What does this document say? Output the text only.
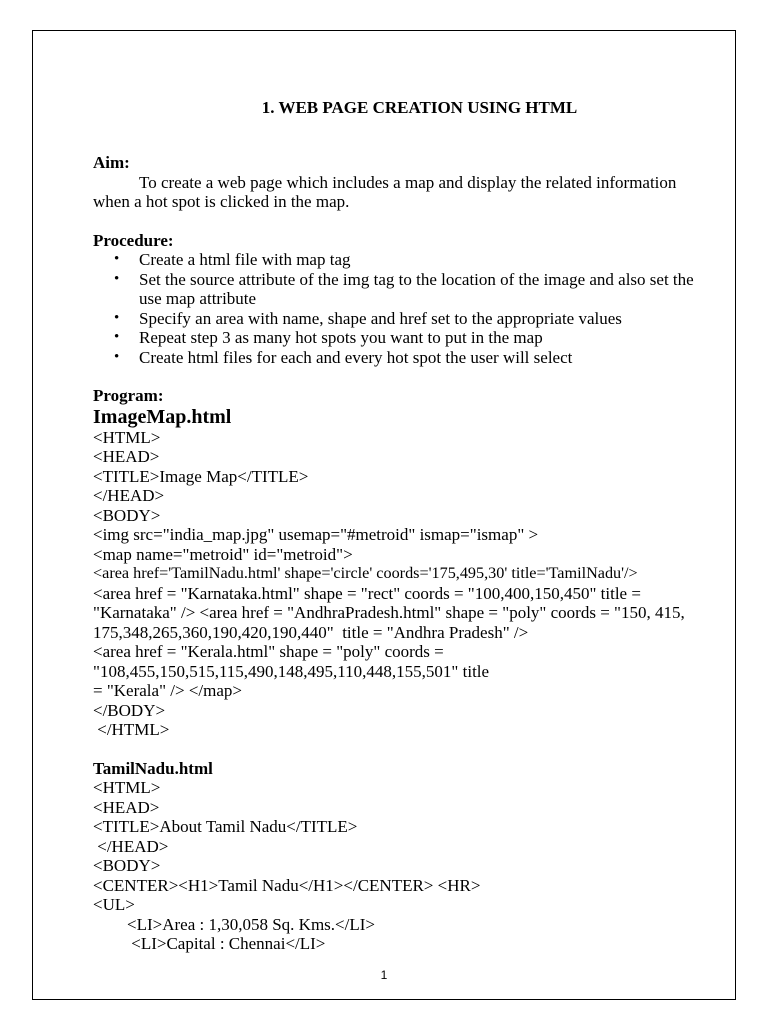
1. WEB PAGE CREATION USING HTML

Aim:

To create a web page which includes a map and display the related information

when a hot spot is clicked in the map.

Procedure:

• Create a html file with map tag
• Set the source attribute of the img tag to the location of the image and also set the use map attribute
• Specify an area with name, shape and href set to the appropriate values
• Repeat step 3 as many hot spots you want to put in the map
• Create html files for each and every hot spot the user will select

Program:

ImageMap.html

<HTML>

<HEAD>

<TITLE>Image Map</TITLE>

</HEAD>

<BODY>

<img src="india_map.jpg" usemap="#metroid" ismap="ismap" >

<map name="metroid" id="metroid">

<area href='TamilNadu.html' shape='circle' coords='175,495,30' title='TamilNadu'/>

<area href = "Karnataka.html" shape = "rect" coords = "100,400,150,450" title = "Karnataka" /> <area href = "AndhraPradesh.html" shape = "poly" coords = "150, 415, 175,348,265,360,190,420,190,440"  title = "Andhra Pradesh" />

<area href = "Kerala.html" shape = "poly" coords =

"108,455,150,515,115,490,148,495,110,448,155,501" title

= "Kerala" /> </map>

</BODY>

</HTML>

TamilNadu.html

<HTML>

<HEAD>

<TITLE>About Tamil Nadu</TITLE>

</HEAD>

<BODY>

<CENTER><H1>Tamil Nadu</H1></CENTER> <HR>

<UL>

<LI>Area : 1,30,058 Sq. Kms.</LI>

<LI>Capital : Chennai</LI>

1
